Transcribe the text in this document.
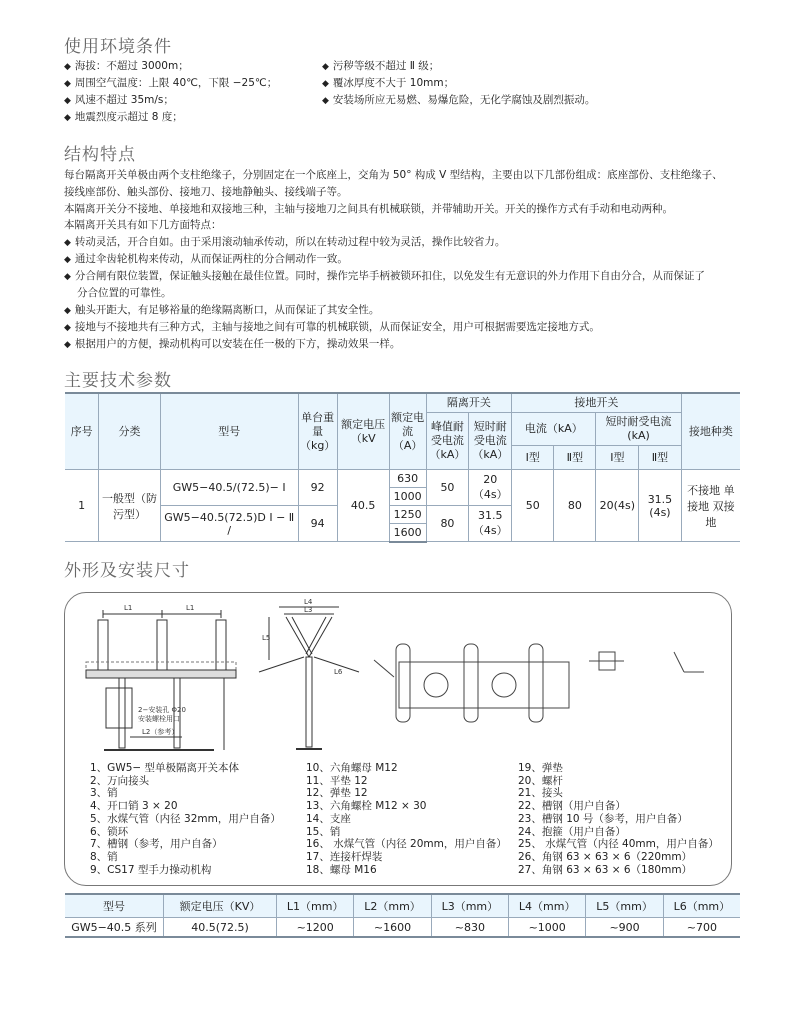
使用环境条件
◆ 海拔：不超过 3000m；
◆ 周围空气温度：上限 40℃，下限 −25℃；
◆ 风速不超过 35m/s；
◆ 地震烈度示超过 8 度；
◆ 污秽等级不超过 Ⅱ 级；
◆ 覆冰厚度不大于 10mm；
◆ 安装场所应无易燃、易爆危险，无化学腐蚀及剧烈振动。
结构特点
每台隔离开关单极由两个支柱绝缘子，分别固定在一个底座上，交角为 50° 构成 V 型结构，主要由以下几部份组成：底座部份、支柱绝缘子、
接线座部份、触头部份、接地刀、接地静触头、接线端子等。
本隔离开关分不接地、单接地和双接地三种，主轴与接地刀之间具有机械联锁，并带辅助开关。开关的操作方式有手动和电动两种。
本隔离开关具有如下几方面特点：
◆ 转动灵活，开合自如。由于采用滚动轴承传动，所以在转动过程中较为灵活，操作比较省力。
◆ 通过伞齿轮机构来传动，从而保证两柱的分合闸动作一致。
◆ 分合闸有限位装置，保证触头接触在最佳位置。同时，操作完毕手柄被锁环扣住，以免发生有无意识的外力作用下自由分合，从而保证了
分合位置的可靠性。
◆ 触头开距大，有足够裕量的绝缘隔离断口，从而保证了其安全性。
◆ 接地与不接地共有三种方式，主轴与接地之间有可靠的机械联锁，从而保证安全，用户可根据需要选定接地方式。
◆ 根据用户的方便，操动机构可以安装在任一极的下方，操动效果一样。
主要技术参数
序号	分类	型号	单台重量（kg）	额定电压（kV	额定电流（A）	隔离开关		接地开关				接地种类
						峰值耐受电流（kA）	短时耐受电流（kA）	电流（kA）		短时耐受电流 (kA)		
								Ⅰ型	Ⅱ型	Ⅰ型	Ⅱ型	
1	一般型（防污型）	GW5−40.5/(72.5)− Ⅰ	92	40.5	630	50	20（4s）	50	80	20(4s)	31.5 (4s)	不接地 单接地 双接地
					1000							
		GW5−40.5(72.5)D Ⅰ − Ⅱ /	94		1250	80	31.5（4s）					
					1600							
外形及安装尺寸
L1	L1
L2（参考）
2−安装孔 Φ20
安装螺栓用口
L4
L3
L5
L6
1、GW5− 型单极隔离开关本体
2、万向接头
3、销
4、开口销 3 × 20
5、水煤气管（内径 32mm，用户自备）
6、锁环
7、槽钢（参考，用户自备）
8、销
9、CS17 型手力操动机构
10、六角螺母 M12
11、平垫 12
12、弹垫 12
13、六角螺栓 M12 × 30
14、支座
15、销
16、 水煤气管（内径 20mm，用户自备）
17、连接杆焊装
18、螺母 M16
19、弹垫
20、螺杆
21、接头
22、槽钢（用户自备）
23、槽钢 10 号（参考，用户自备）
24、抱箍（用户自备）
25、 水煤气管（内径 40mm，用户自备）
26、角钢 63 × 63 × 6（220mm）
27、角钢 63 × 63 × 6（180mm）
型号	额定电压（KV）	L1（mm）	L2（mm）	L3（mm）	L4（mm）	L5（mm）	L6（mm）
GW5−40.5 系列	40.5(72.5)	~1200	~1600	~830	~1000	~900	~700
